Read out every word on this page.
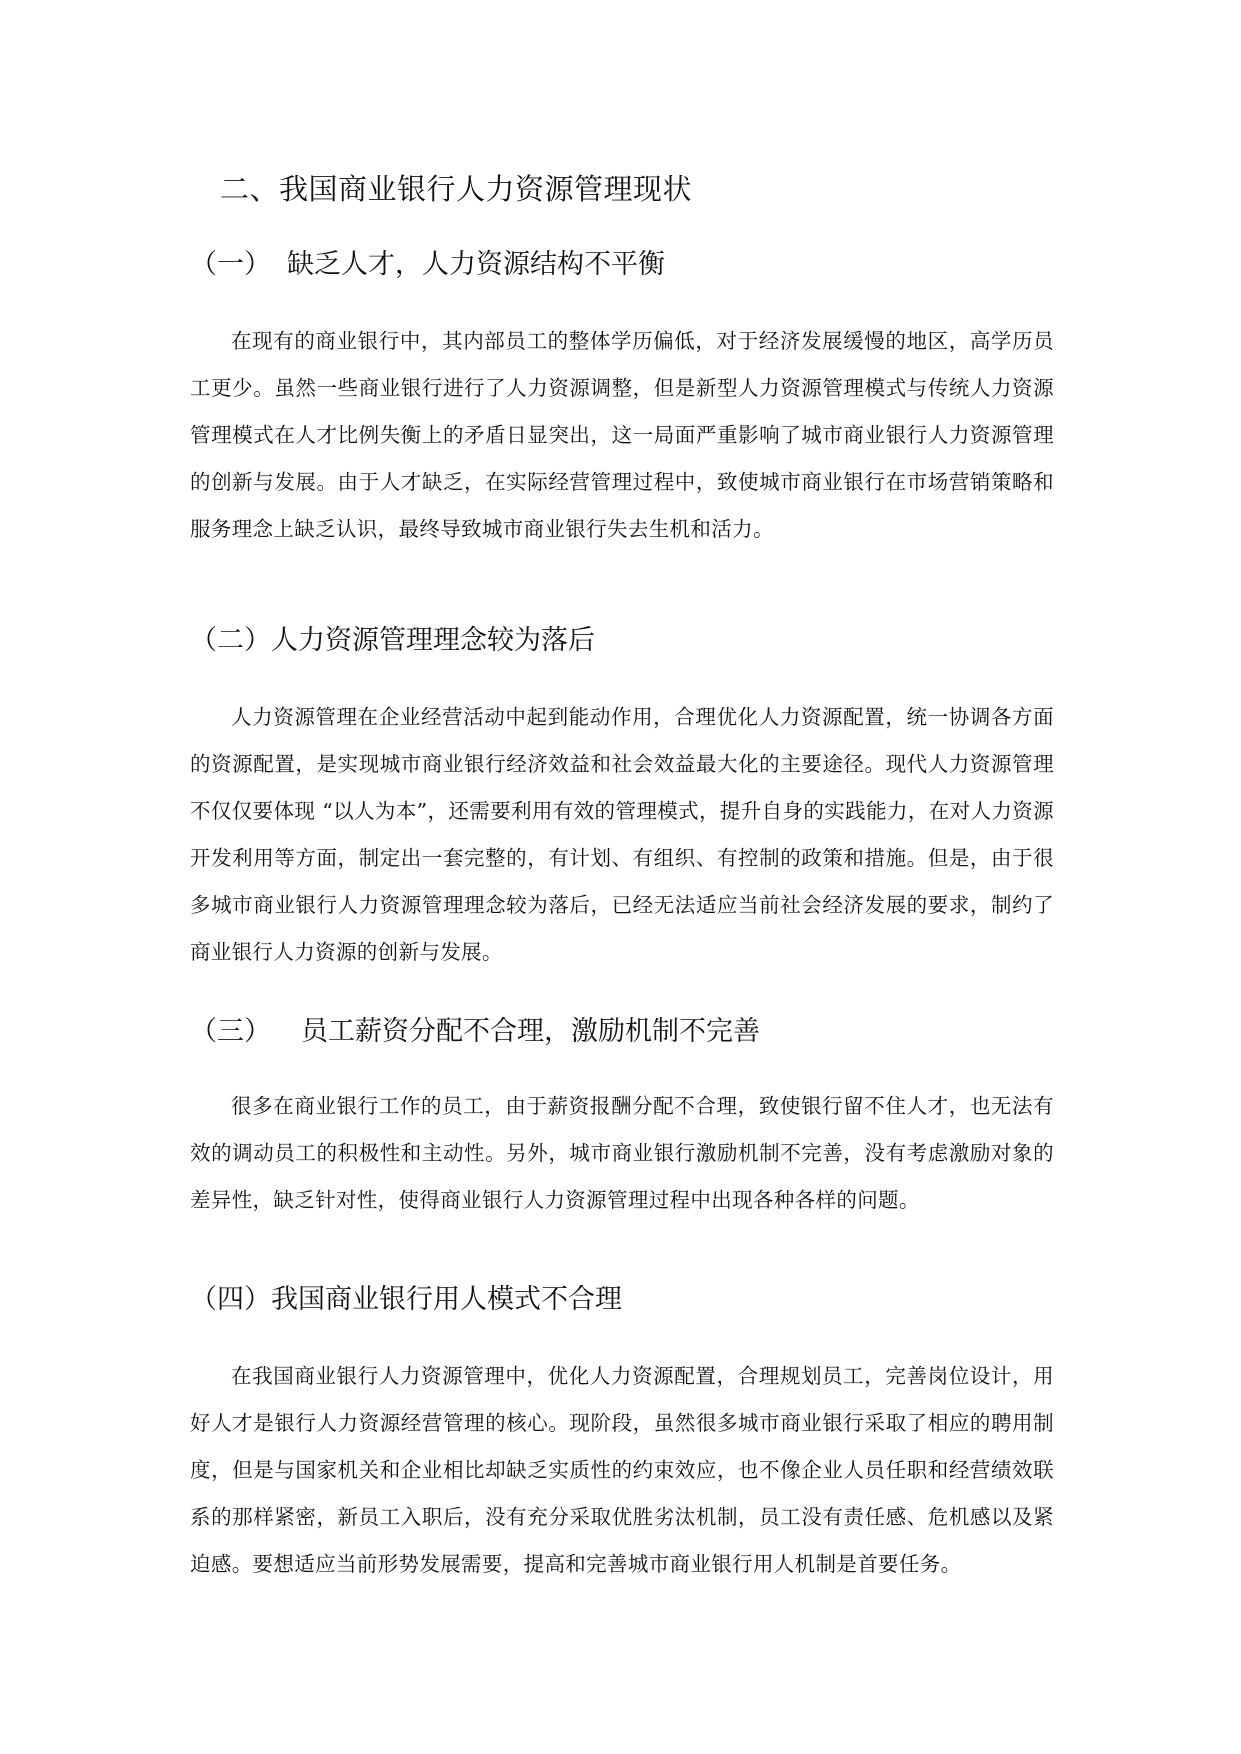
二、我国商业银行人力资源管理现状
（一） 缺乏人才，人力资源结构不平衡

在现有的商业银行中，其内部员工的整体学历偏低，对于经济发展缓慢的地区，高学历员工更少。虽然一些商业银行进行了人力资源调整，但是新型人力资源管理模式与传统人力资源管理模式在人才比例失衡上的矛盾日显突出，这一局面严重影响了城市商业银行人力资源管理的创新与发展。由于人才缺乏，在实际经营管理过程中，致使城市商业银行在市场营销策略和服务理念上缺乏认识，最终导致城市商业银行失去生机和活力。

（二）人力资源管理理念较为落后

人力资源管理在企业经营活动中起到能动作用，合理优化人力资源配置，统一协调各方面的资源配置，是实现城市商业银行经济效益和社会效益最大化的主要途径。现代人力资源管理不仅仅要体现 “以人为本”，还需要利用有效的管理模式，提升自身的实践能力，在对人力资源开发利用等方面，制定出一套完整的，有计划、有组织、有控制的政策和措施。但是，由于很多城市商业银行人力资源管理理念较为落后，已经无法适应当前社会经济发展的要求，制约了商业银行人力资源的创新与发展。

（三） 员工薪资分配不合理，激励机制不完善

很多在商业银行工作的员工，由于薪资报酬分配不合理，致使银行留不住人才，也无法有效的调动员工的积极性和主动性。另外，城市商业银行激励机制不完善，没有考虑激励对象的差异性，缺乏针对性，使得商业银行人力资源管理过程中出现各种各样的问题。

（四）我国商业银行用人模式不合理

在我国商业银行人力资源管理中，优化人力资源配置，合理规划员工，完善岗位设计，用好人才是银行人力资源经营管理的核心。现阶段，虽然很多城市商业银行采取了相应的聘用制度，但是与国家机关和企业相比却缺乏实质性的约束效应，也不像企业人员任职和经营绩效联系的那样紧密，新员工入职后，没有充分采取优胜劣汰机制，员工没有责任感、危机感以及紧迫感。要想适应当前形势发展需要，提高和完善城市商业银行用人机制是首要任务。
